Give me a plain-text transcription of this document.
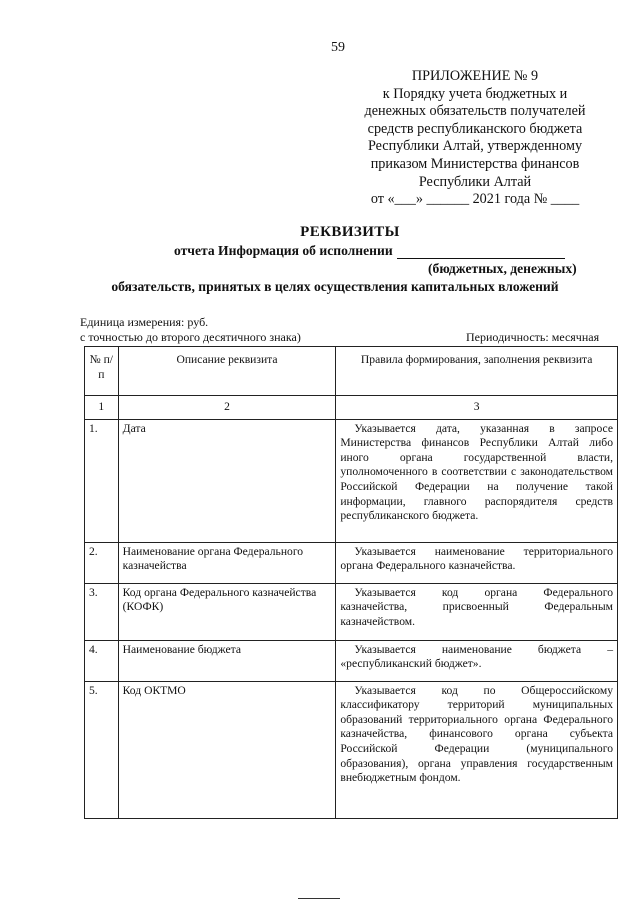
59
ПРИЛОЖЕНИЕ № 9
к Порядку учета бюджетных и
денежных обязательств получателей
средств республиканского бюджета
Республики Алтай, утвержденному
приказом Министерства финансов
Республики Алтай
от «___» ______ 2021 года № ____
РЕКВИЗИТЫ
отчета Информация об исполнении
(бюджетных, денежных)
обязательств, принятых в целях осуществления капитальных вложений
Единица измерения: руб.
с точностью до второго десятичного знака)	Периодичность: месячная
№ п/п	Описание реквизита	Правила формирования, заполнения реквизита
1	2	3
1.	Дата	Указывается дата, указанная в запросе Министерства финансов Республики Алтай либо иного органа государственной власти, уполномоченного в соответствии с законодательством Российской Федерации на получение такой информации, главного распорядителя средств республиканского бюджета.

2.	Наименование органа Федерального казначейства	Указывается наименование территориального органа Федерального казначейства.

3.	Код органа Федерального казначейства (КОФК)	Указывается код органа Федерального казначейства, присвоенный Федеральным казначейством.

4.	Наименование бюджета	Указывается наименование бюджета – «республиканский бюджет».

5.	Код ОКТМО	Указывается код по Общероссийскому классификатору территорий муниципальных образований территориального органа Федерального казначейства, финансового органа субъекта Российской Федерации (муниципального образования), органа управления государственным внебюджетным фондом.
